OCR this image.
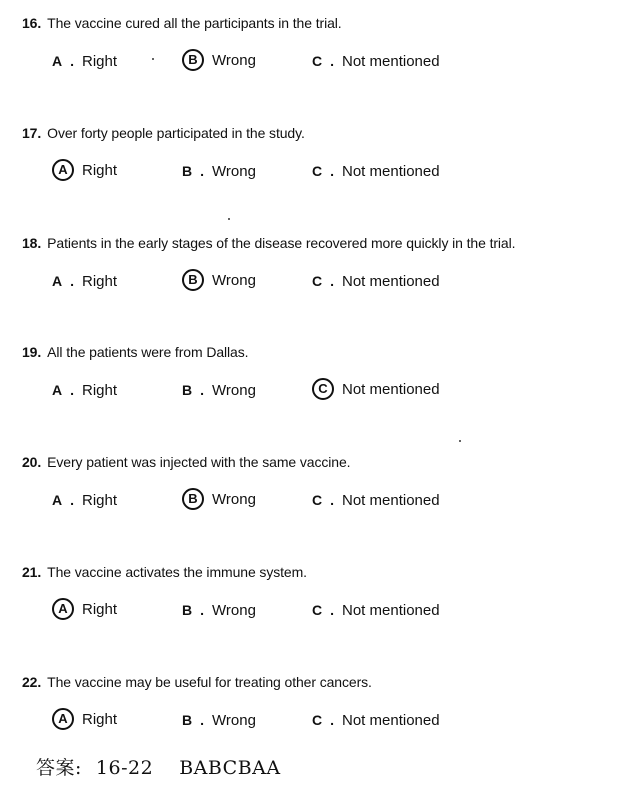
16 . The vaccine cured all the participants in the trial.
A . Right	B Wrong	C . Not mentioned
17 . Over forty people participated in the study.
A Right	B . Wrong	C . Not mentioned
18 . Patients in the early stages of the disease recovered more quickly in the trial.
A . Right	B Wrong	C . Not mentioned
19 . All the patients were from Dallas.
A . Right	B . Wrong	C Not mentioned
20 . Every patient was injected with the same vaccine.
A . Right	B Wrong	C . Not mentioned
21 . The vaccine activates the immune system.
A Right	B . Wrong	C . Not mentioned
22 . The vaccine may be useful for treating other cancers.
A Right	B . Wrong	C . Not mentioned
答案: 16-22 BABCBAA
